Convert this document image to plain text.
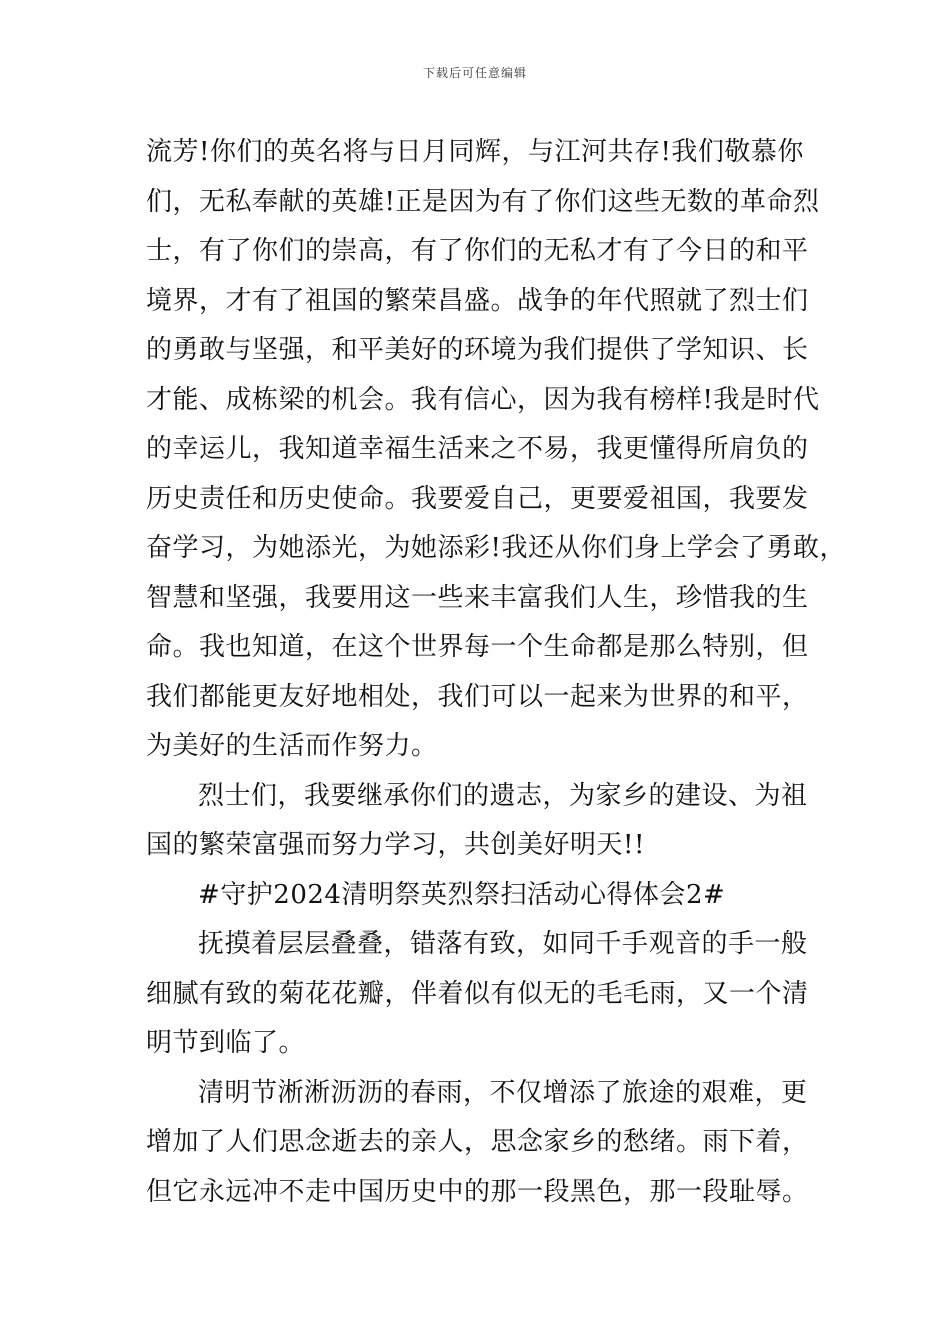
下载后可任意编辑
流芳!你们的英名将与日月同辉，与江河共存!我们敬慕你
们，无私奉献的英雄!正是因为有了你们这些无数的革命烈
士，有了你们的崇高，有了你们的无私才有了今日的和平
境界，才有了祖国的繁荣昌盛。战争的年代照就了烈士们
的勇敢与坚强，和平美好的环境为我们提供了学知识、长
才能、成栋梁的机会。我有信心，因为我有榜样!我是时代
的幸运儿，我知道幸福生活来之不易，我更懂得所肩负的
历史责任和历史使命。我要爱自己，更要爱祖国，我要发
奋学习，为她添光，为她添彩!我还从你们身上学会了勇敢，
智慧和坚强，我要用这一些来丰富我们人生，珍惜我的生
命。我也知道，在这个世界每一个生命都是那么特别，但
我们都能更友好地相处，我们可以一起来为世界的和平，
为美好的生活而作努力。
烈士们，我要继承你们的遗志，为家乡的建设、为祖
国的繁荣富强而努力学习，共创美好明天!!
#守护2024清明祭英烈祭扫活动心得体会2#
抚摸着层层叠叠，错落有致，如同千手观音的手一般
细腻有致的菊花花瓣，伴着似有似无的毛毛雨，又一个清
明节到临了。
清明节淅淅沥沥的春雨，不仅增添了旅途的艰难，更
增加了人们思念逝去的亲人，思念家乡的愁绪。雨下着，
但它永远冲不走中国历史中的那一段黑色，那一段耻辱。
